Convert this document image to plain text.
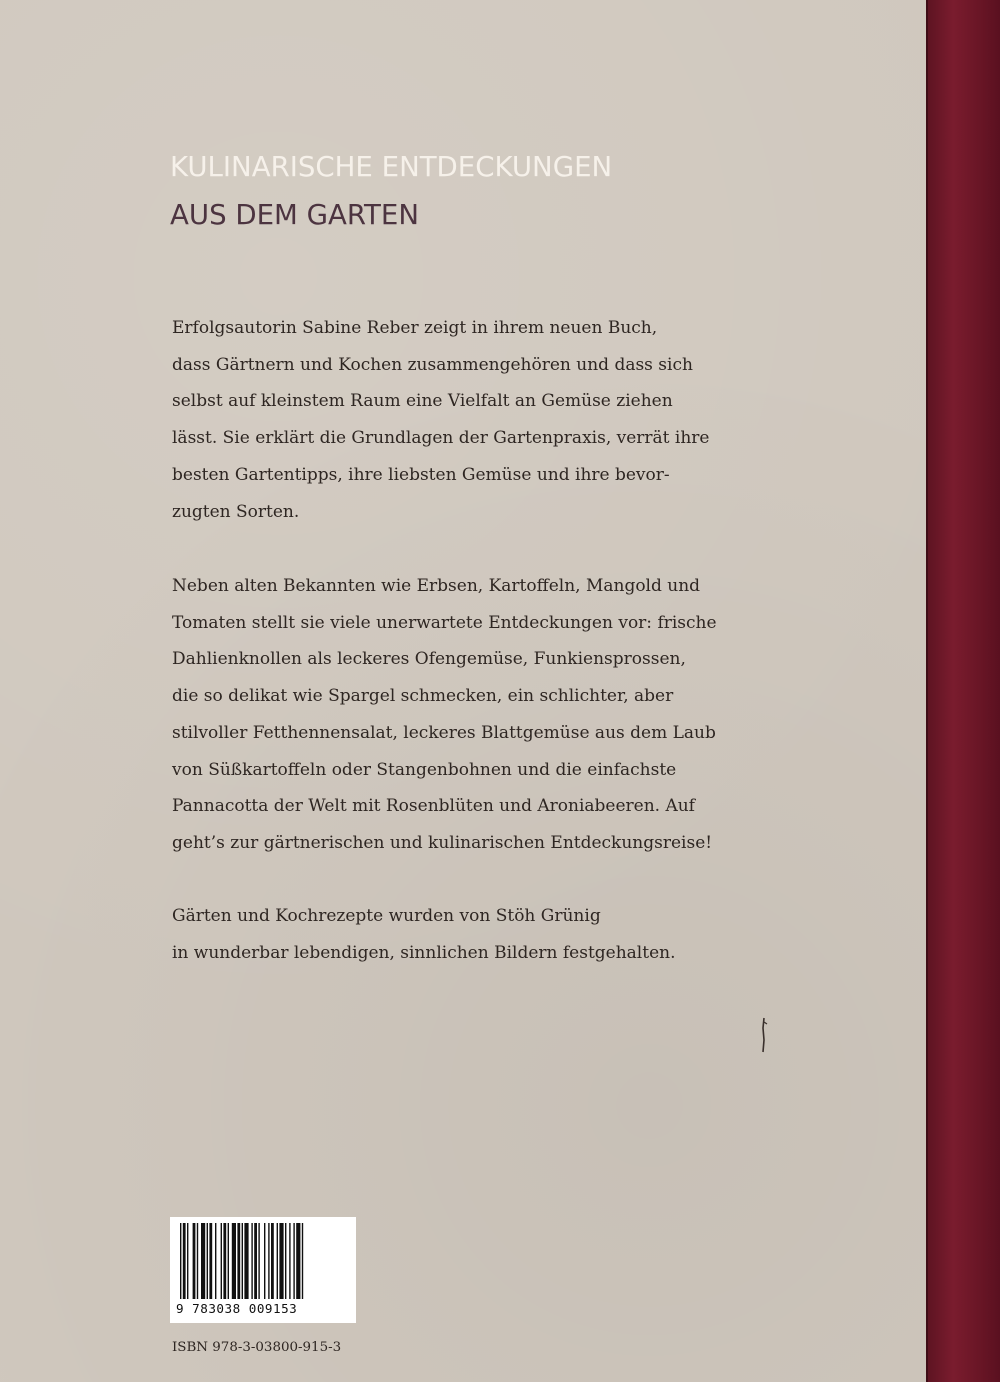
KULINARISCHE ENTDECKUNGEN
AUS DEM GARTEN

Erfolgsautorin Sabine Reber zeigt in ihrem neuen Buch,
dass Gärtnern und Kochen zusammengehören und dass sich
selbst auf kleinstem Raum eine Vielfalt an Gemüse ziehen
lässt. Sie erklärt die Grundlagen der Gartenpraxis, verrät ihre
besten Gartentipps, ihre liebsten Gemüse und ihre bevor-
zugten Sorten.

Neben alten Bekannten wie Erbsen, Kartoffeln, Mangold und
Tomaten stellt sie viele unerwartete Entdeckungen vor: frische
Dahlienknollen als leckeres Ofengemüse, Funkiensprossen,
die so delikat wie Spargel schmecken, ein schlichter, aber
stilvoller Fetthennensalat, leckeres Blattgemüse aus dem Laub
von Süßkartoffeln oder Stangenbohnen und die einfachste
Pannacotta der Welt mit Rosenblüten und Aroniabeeren. Auf
geht’s zur gärtnerischen und kulinarischen Entdeckungsreise!

Gärten und Kochrezepte wurden von Stöh Grünig
in wunderbar lebendigen, sinnlichen Bildern festgehalten.

9 783038 009153

ISBN 978-3-03800-915-3
